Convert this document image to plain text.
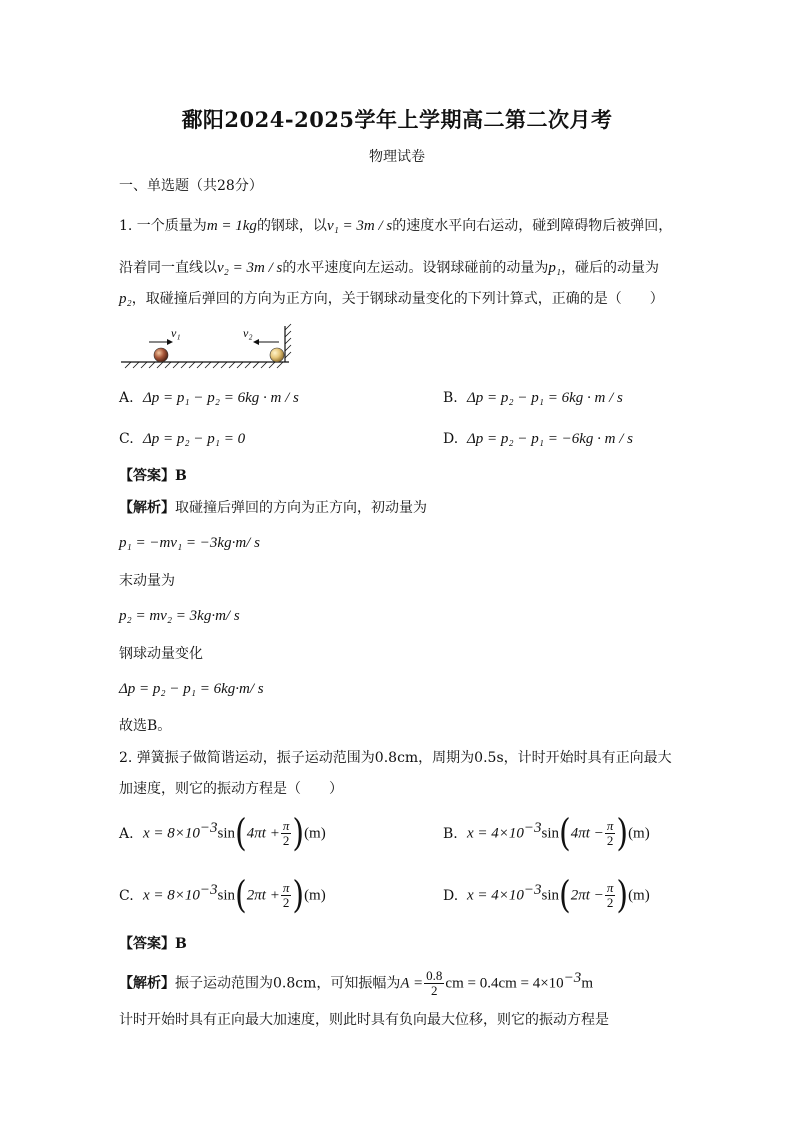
鄱阳2024-2025学年上学期高二第二次月考
物理试卷
一、单选题（共28分）
1. 一个质量为m = 1kg的钢球，以v₁ = 3m / s的速度水平向右运动，碰到障碍物后被弹回，
沿着同一直线以v₂ = 3m / s的水平速度向左运动。设钢球碰前的动量为p₁，碰后的动量为
p₂，取碰撞后弹回的方向为正方向，关于钢球动量变化的下列计算式，正确的是（　　）
v₁	v₂
A. Δp = p₁ − p₂ = 6kg · m / s	B. Δp = p₂ − p₁ = 6kg · m / s
C. Δp = p₂ − p₁ = 0	D. Δp = p₂ − p₁ = −6kg · m / s
【答案】B
【解析】取碰撞后弹回的方向为正方向，初动量为
p₁ = −mv₁ = −3kg·m/ s
末动量为
p₂ = mv₂ = 3kg·m/ s
钢球动量变化
Δp = p₂ − p₁ = 6kg·m/ s
故选B。
2. 弹簧振子做简谐运动，振子运动范围为0.8cm，周期为0.5s，计时开始时具有正向最大
加速度，则它的振动方程是（　　）
A. $x = 8\times 10^{-3}\sin(4\pi t + \frac{\pi}{2} )(m)$	B. $x = 4\times 10^{-3}\sin(4\pi t - \frac{\pi}{2} )(m)$
C. $x = 8\times 10^{-3}\sin(2\pi t + \frac{\pi}{2} )(m)$	D. $x = 4\times 10^{-3}\sin(2\pi t - \frac{\pi}{2} )(m)$
【答案】B
【解析】振子运动范围为0.8cm，可知振幅为$A = \frac{0.8}{2}$ cm = $0.4cm = 4\times 10^{-3}m$
计时开始时具有正向最大加速度，则此时具有负向最大位移，则它的振动方程是
